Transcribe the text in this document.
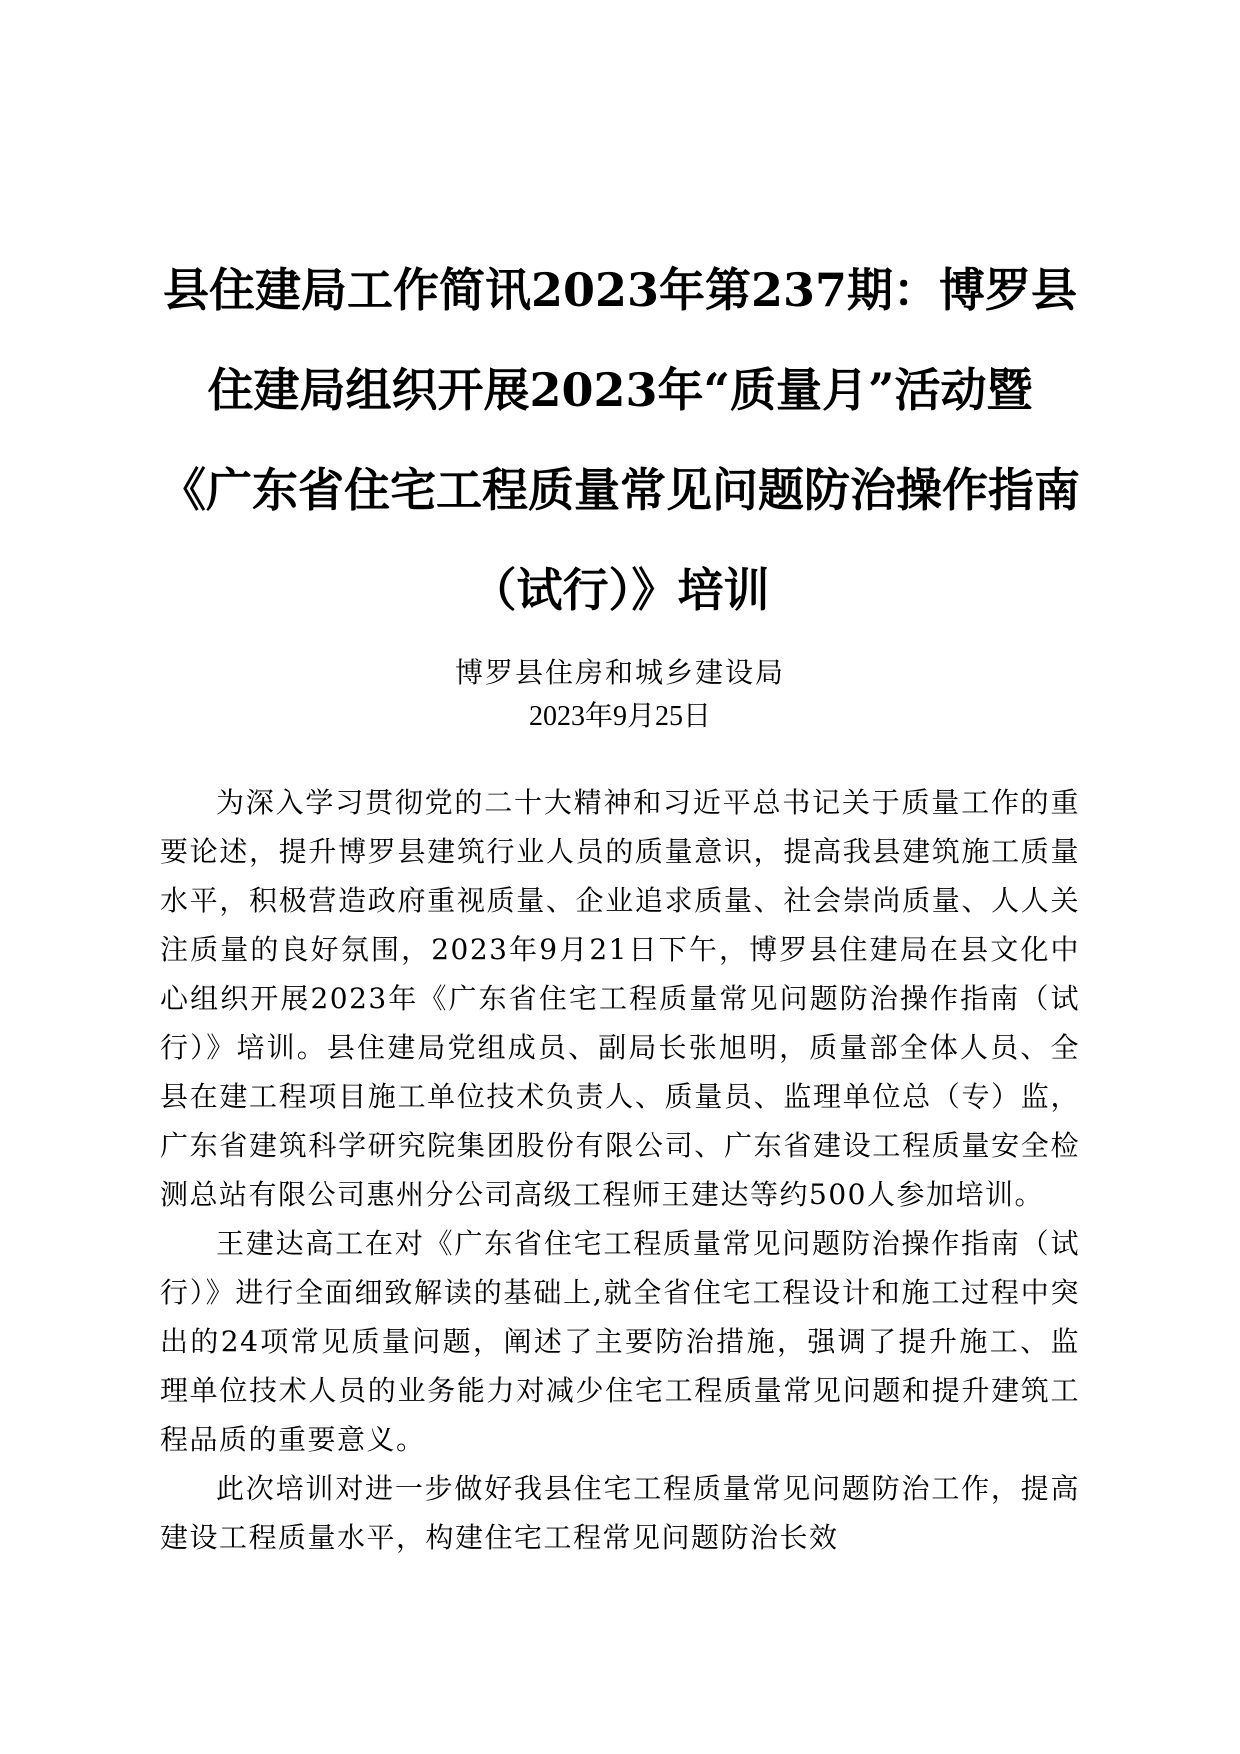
县住建局工作简讯2023年第237期：博罗县
住建局组织开展2023年“质量月”活动暨
《广东省住宅工程质量常见问题防治操作指南
（试行）》培训
博罗县住房和城乡建设局
2023年9月25日

为深入学习贯彻党的二十大精神和习近平总书记关于质量工作的重要论述，提升博罗县建筑行业人员的质量意识，提高我县建筑施工质量水平，积极营造政府重视质量、企业追求质量、社会崇尚质量、人人关注质量的良好氛围，2023年9月21日下午，博罗县住建局在县文化中心组织开展2023年《广东省住宅工程质量常见问题防治操作指南（试行）》培训。县住建局党组成员、副局长张旭明，质量部全体人员、全县在建工程项目施工单位技术负责人、质量员、监理单位总（专）监，广东省建筑科学研究院集团股份有限公司、广东省建设工程质量安全检测总站有限公司惠州分公司高级工程师王建达等约500人参加培训。

王建达高工在对《广东省住宅工程质量常见问题防治操作指南（试行）》进行全面细致解读的基础上,就全省住宅工程设计和施工过程中突出的24项常见质量问题，阐述了主要防治措施，强调了提升施工、监理单位技术人员的业务能力对减少住宅工程质量常见问题和提升建筑工程品质的重要意义。

此次培训对进一步做好我县住宅工程质量常见问题防治工作，提高建设工程质量水平，构建住宅工程常见问题防治长效
